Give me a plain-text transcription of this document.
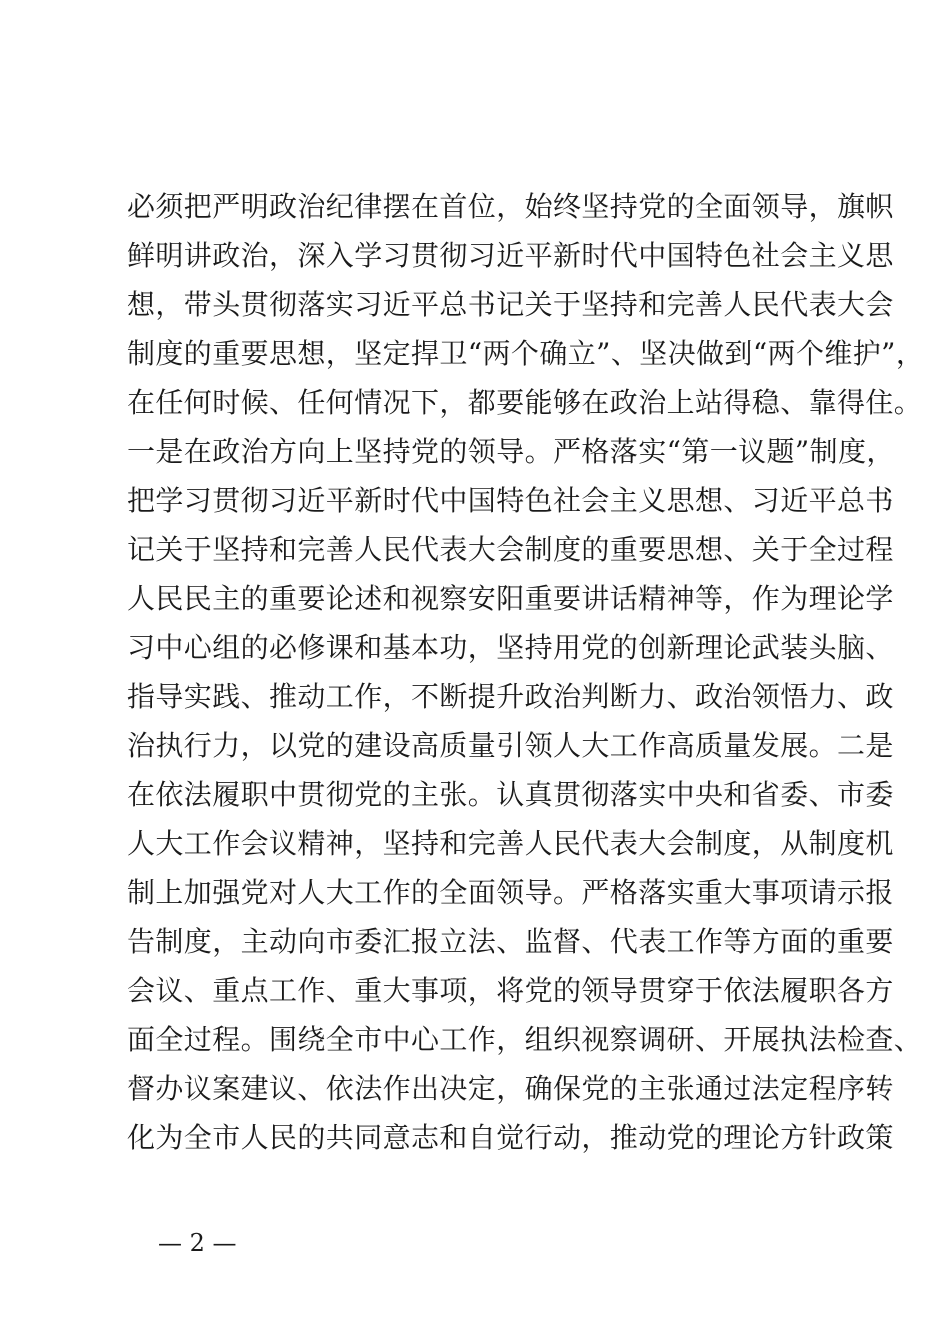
必须把严明政治纪律摆在首位，始终坚持党的全面领导，旗帜
鲜明讲政治，深入学习贯彻习近平新时代中国特色社会主义思
想，带头贯彻落实习近平总书记关于坚持和完善人民代表大会
制度的重要思想，坚定捍卫“两个确立”、坚决做到“两个维护”，
在任何时候、任何情况下，都要能够在政治上站得稳、靠得住。
一是在政治方向上坚持党的领导。严格落实“第一议题”制度，
把学习贯彻习近平新时代中国特色社会主义思想、习近平总书
记关于坚持和完善人民代表大会制度的重要思想、关于全过程
人民民主的重要论述和视察安阳重要讲话精神等，作为理论学
习中心组的必修课和基本功，坚持用党的创新理论武装头脑、
指导实践、推动工作，不断提升政治判断力、政治领悟力、政
治执行力，以党的建设高质量引领人大工作高质量发展。二是
在依法履职中贯彻党的主张。认真贯彻落实中央和省委、市委
人大工作会议精神，坚持和完善人民代表大会制度，从制度机
制上加强党对人大工作的全面领导。严格落实重大事项请示报
告制度，主动向市委汇报立法、监督、代表工作等方面的重要
会议、重点工作、重大事项，将党的领导贯穿于依法履职各方
面全过程。围绕全市中心工作，组织视察调研、开展执法检查、
督办议案建议、依法作出决定，确保党的主张通过法定程序转
化为全市人民的共同意志和自觉行动，推动党的理论方针政策
— 2 —
